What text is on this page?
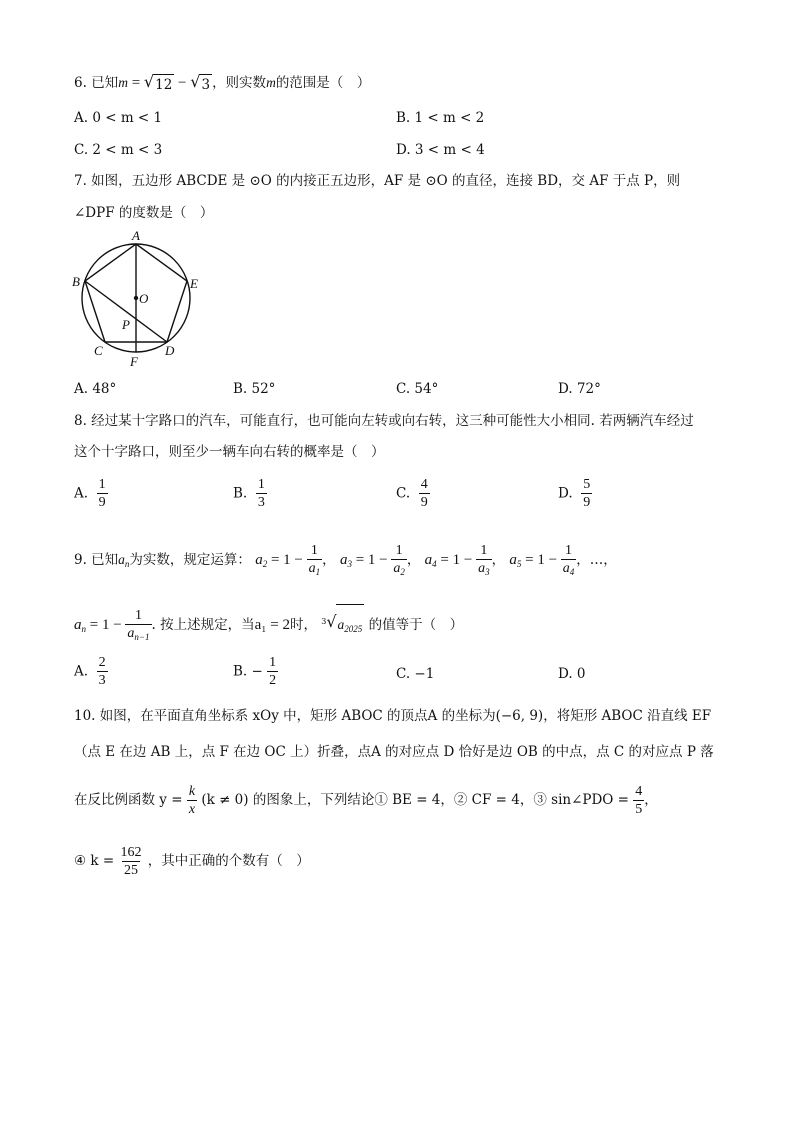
6. 已知m = √ 12 − √ 3 ，则实数m的范围是（　）
A. 0 < m < 1	B. 1 < m < 2
C. 2 < m < 3	D. 3 < m < 4
7. 如图，五边形 ABCDE 是 ⊙O 的内接正五边形，AF 是 ⊙O 的直径，连接 BD，交 AF 于点 P，则
∠DPF 的度数是（　）
A
B
C	D
E
F
O
P
A. 48°	B. 52°	C. 54°	D. 72°
8. 经过某十字路口的汽车，可能直行，也可能向左转或向右转，这三种可能性大小相同. 若两辆汽车经过
这个十字路口，则至少一辆车向右转的概率是（　）
A. $\frac{1}{9}$	B. $\frac{1}{3}$	C. $\frac{4}{9}$	D. $\frac{5}{9}$
9. 已知$a_n$为实数，规定运算： $a_2 = 1 - \frac{1}{a_1}$ ， $a_3 = 1 - \frac{1}{a_2}$ ， $a_4 = 1 - \frac{1}{a_3}$ ， $a_5 = 1 - \frac{1}{a_4}$ ，…，
$a_n = 1 - \frac{1}{a_{n-1}}$ . 按上述规定，当a₁ = 2时， 3 √ $a_{2025}$ 的值等于（　）
A. $\frac{2}{3}$	B. − $\frac{1}{2}$	C. −1	D. 0
10. 如图，在平面直角坐标系 xOy 中，矩形 ABOC 的顶点A 的坐标为(−6, 9)，将矩形 ABOC 沿直线 EF
（点 E 在边 AB 上，点 F 在边 OC 上）折叠，点A 的对应点 D 恰好是边 OB 的中点，点 C 的对应点 P 落
在反比例函数 $y = \frac{k}{x} (k \ne 0)$ 的图象上，下列结论① BE = 4，② CF = 4，③ sin∠PDO = $\frac{4}{5}$ ，
④ $k = \frac{162}{25}$ ，其中正确的个数有（　）
